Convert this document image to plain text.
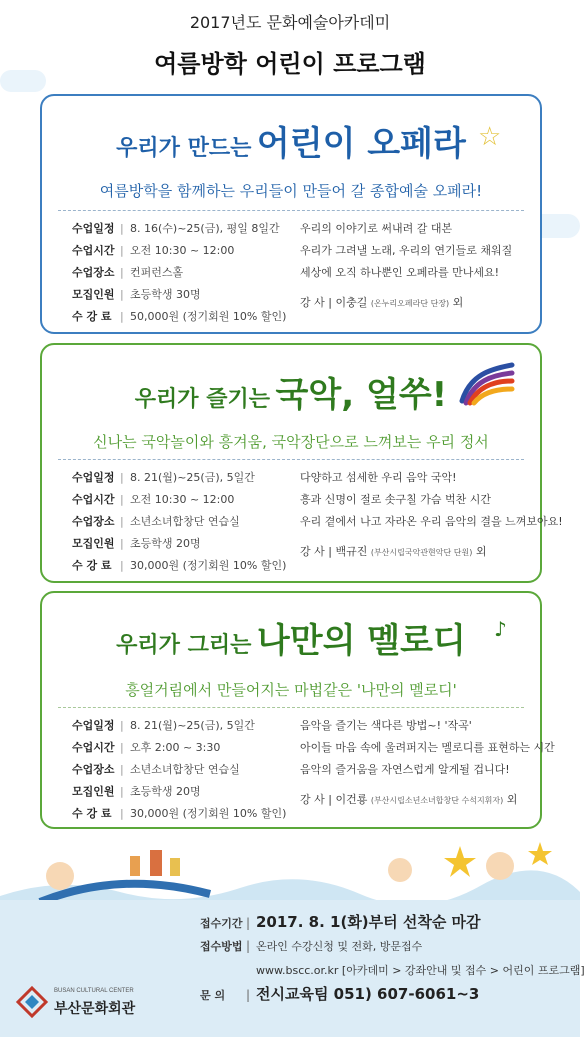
2017년도 문화예술아카데미
여름방학 어린이 프로그램
우리가 만드는 어린이 오페라 ☆
여름방학을 함께하는 우리들이 만들어 갈 종합예술 오페라!
수업일정 | 8. 16(수)~25(금), 평일 8일간
수업시간 | 오전 10:30 ~ 12:00
수업장소 | 컨퍼런스홀
모집인원 | 초등학생 30명
수 강 료 | 50,000원 (정기회원 10% 할인)
우리의 이야기로 써내려 갈 대본
우리가 그려낼 노래, 우리의 연기들로 채워질
세상에 오직 하나뿐인 오페라를 만나세요!
강 사 | 이충길 (온누리오페라단 단장) 외
우리가 즐기는 국악, 얼쑤!
신나는 국악놀이와 흥겨움, 국악장단으로 느껴보는 우리 정서
수업일정 | 8. 21(월)~25(금), 5일간
수업시간 | 오전 10:30 ~ 12:00
수업장소 | 소년소녀합창단 연습실
모집인원 | 초등학생 20명
수 강 료 | 30,000원 (정기회원 10% 할인)
다양하고 섬세한 우리 음악 국악!
흥과 신명이 절로 솟구칠 가슴 벅찬 시간
우리 곁에서 나고 자라온 우리 음악의 결을 느껴보아요!
강 사 | 백규진 (부산시립국악관현악단 단원) 외
우리가 그리는 나만의 멜로디	♪
흥얼거림에서 만들어지는 마법같은 '나만의 멜로디'
수업일정 | 8. 21(월)~25(금), 5일간
수업시간 | 오후 2:00 ~ 3:30
수업장소 | 소년소녀합창단 연습실
모집인원 | 초등학생 20명
수 강 료 | 30,000원 (정기회원 10% 할인)
음악을 즐기는 색다른 방법~! '작곡'
아이들 마음 속에 울려퍼지는 멜로디를 표현하는 시간
음악의 즐거움을 자연스럽게 알게될 겁니다!
강 사 | 이건룡 (부산시립소년소녀합창단 수석지휘자) 외
접수기간 | 2017. 8. 1(화)부터 선착순 마감
접수방법 | 온라인 수강신청 및 전화, 방문접수
www.bscc.or.kr [아카데미 > 강좌안내 및 접수 > 어린이 프로그램]
문 의 | 전시교육팀 051) 607-6061~3
BUSAN CULTURAL CENTER
부산문화회관
